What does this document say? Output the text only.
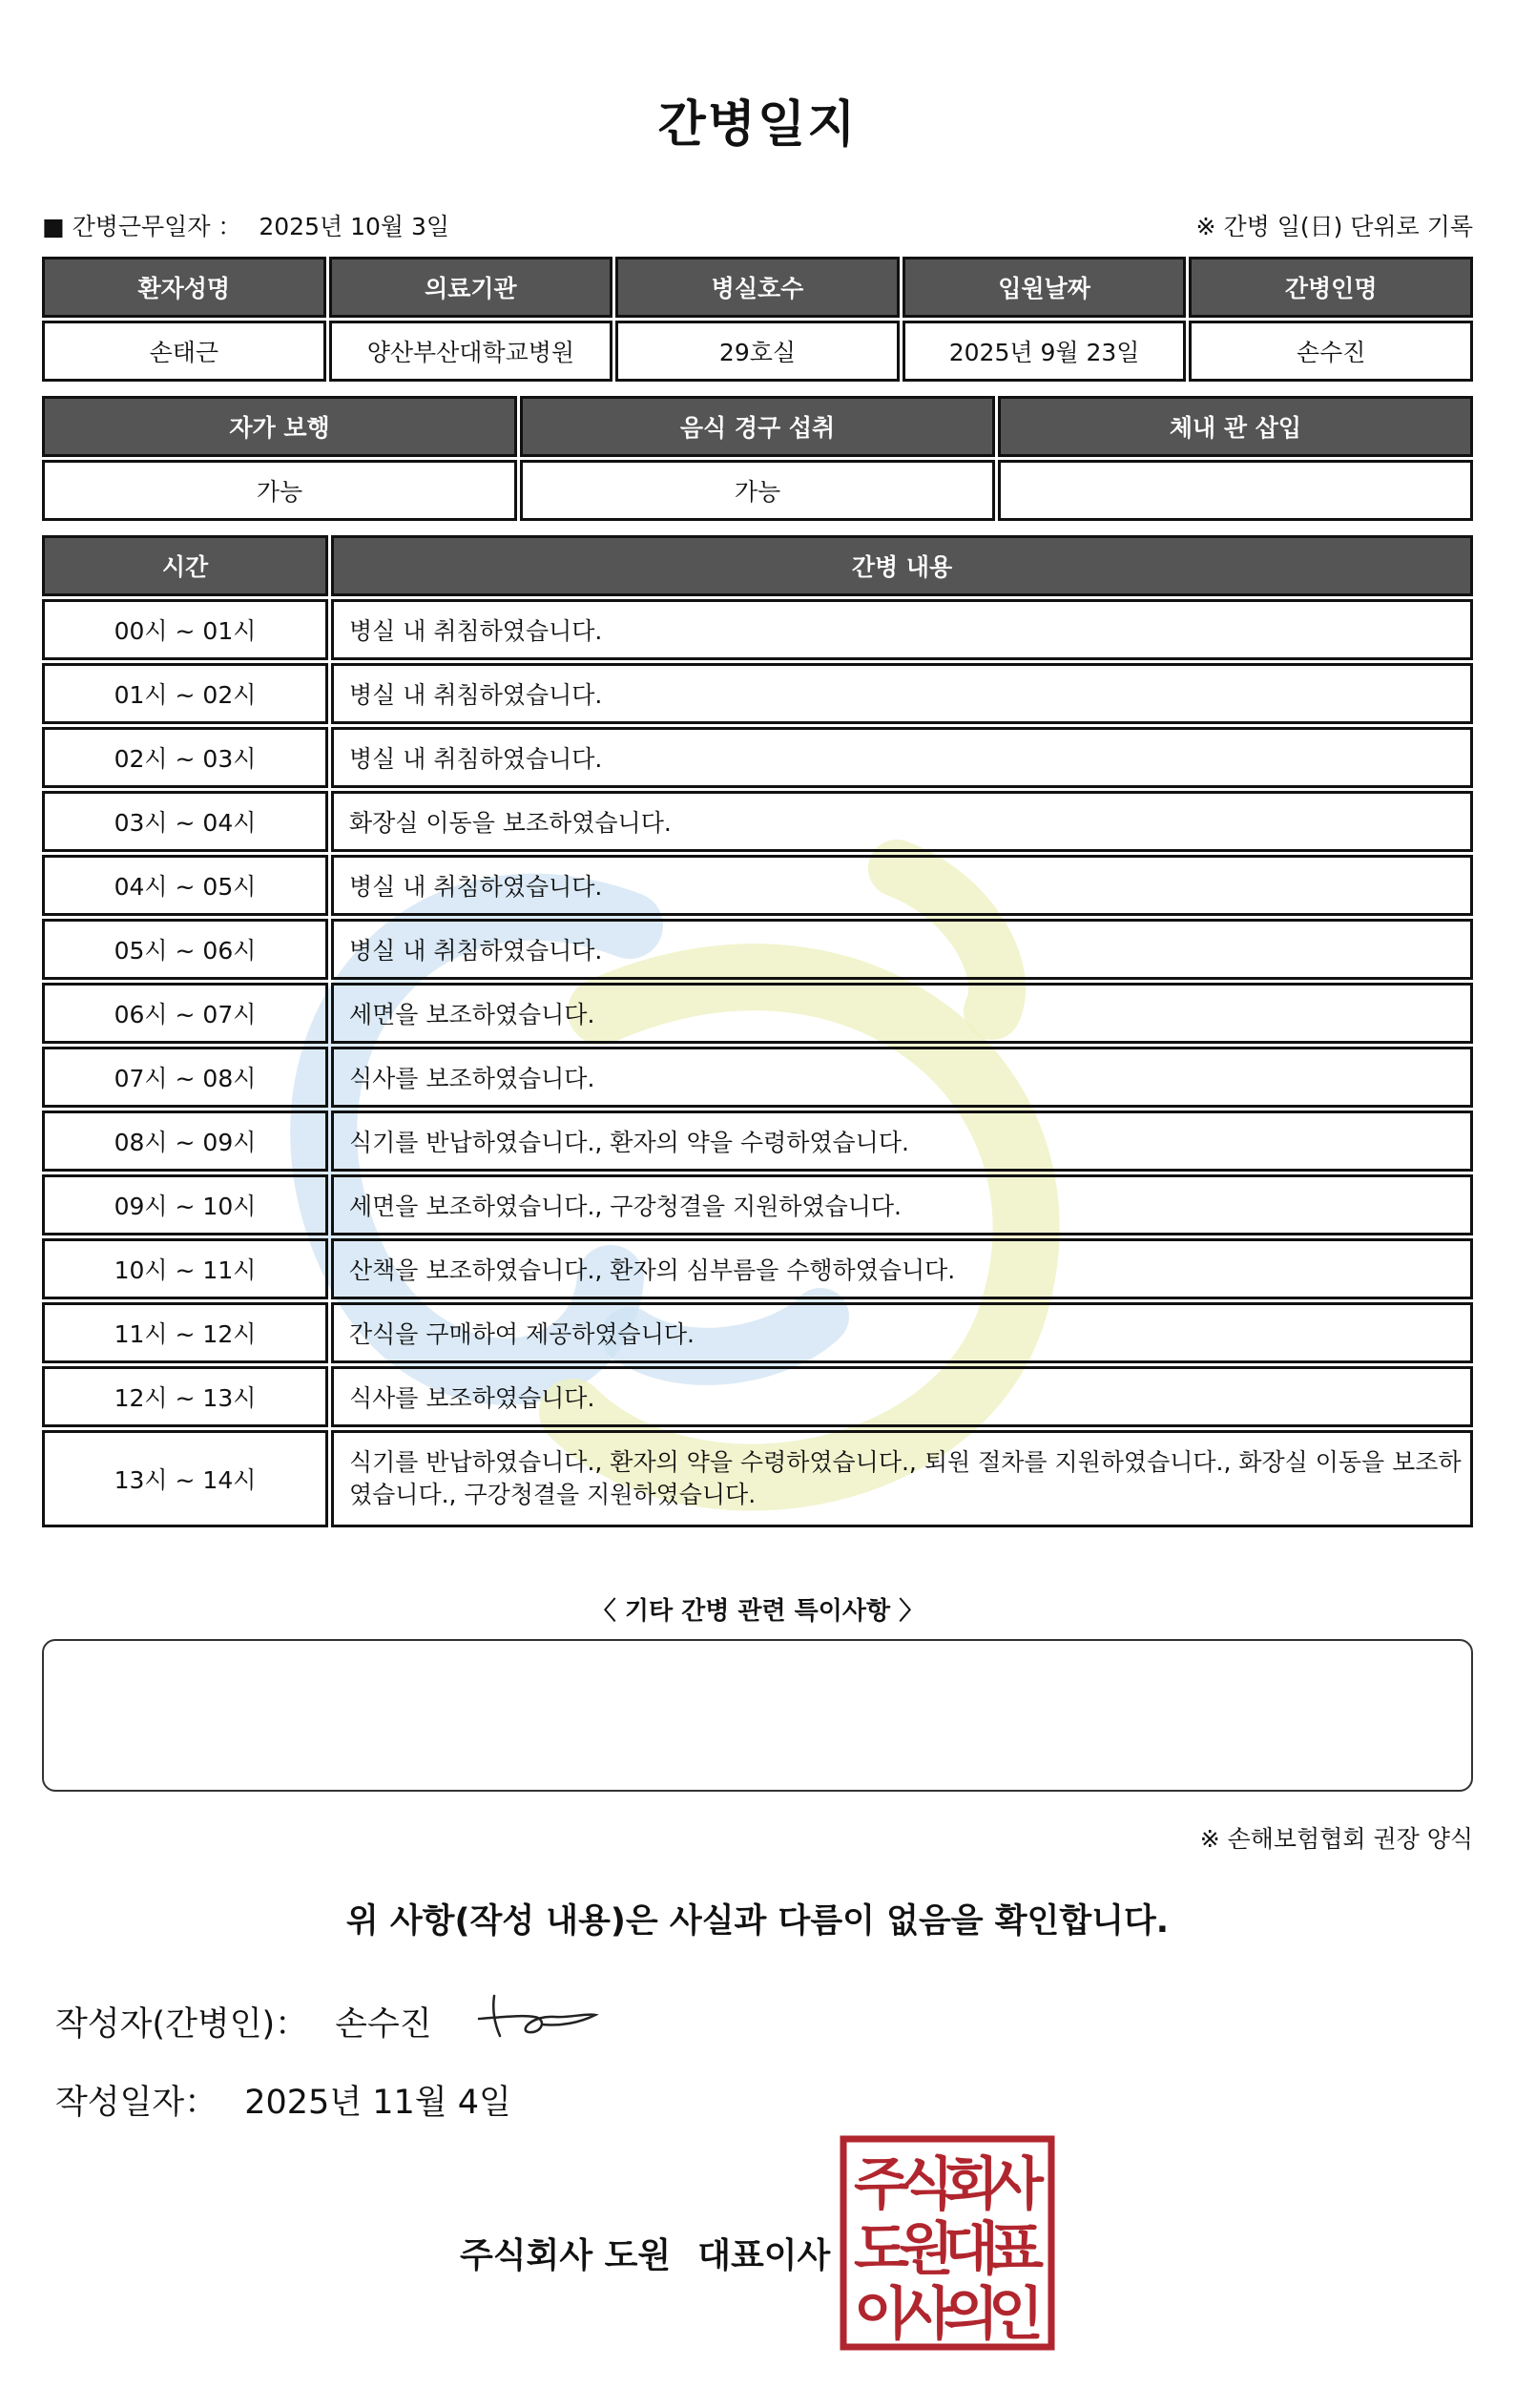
간병일지
■ 간병근무일자 ： 2025년 10월 3일	※ 간병 일(日) 단위로 기록
환자성명	의료기관	병실호수	입원날짜	간병인명
손태근	양산부산대학교병원	29호실	2025년 9월 23일	손수진
자가 보행	음식 경구 섭취	체내 관 삽입
가능	가능	
시간	간병 내용
00시 ~ 01시	병실 내 취침하였습니다.
01시 ~ 02시	병실 내 취침하였습니다.
02시 ~ 03시	병실 내 취침하였습니다.
03시 ~ 04시	화장실 이동을 보조하였습니다.
04시 ~ 05시	병실 내 취침하였습니다.
05시 ~ 06시	병실 내 취침하였습니다.
06시 ~ 07시	세면을 보조하였습니다.
07시 ~ 08시	식사를 보조하였습니다.
08시 ~ 09시	식기를 반납하였습니다., 환자의 약을 수령하였습니다.
09시 ~ 10시	세면을 보조하였습니다., 구강청결을 지원하였습니다.
10시 ~ 11시	산책을 보조하였습니다., 환자의 심부름을 수행하였습니다.
11시 ~ 12시	간식을 구매하여 제공하였습니다.
12시 ~ 13시	식사를 보조하였습니다.
13시 ~ 14시	식기를 반납하였습니다., 환자의 약을 수령하였습니다., 퇴원 절차를 지원하였습니다., 화장실 이동을 보조하였습니다., 구강청결을 지원하였습니다.
〈 기타 간병 관련 특이사항 〉
※ 손해보험협회 권장 양식
위 사항(작성 내용)은 사실과 다름이 없음을 확인합니다.
작성자(간병인)： 손수진
작성일자： 2025년 11월 4일
주식회사 도원 대표이사
주
식
회
사
도
원
대
표
이
사
의
인
